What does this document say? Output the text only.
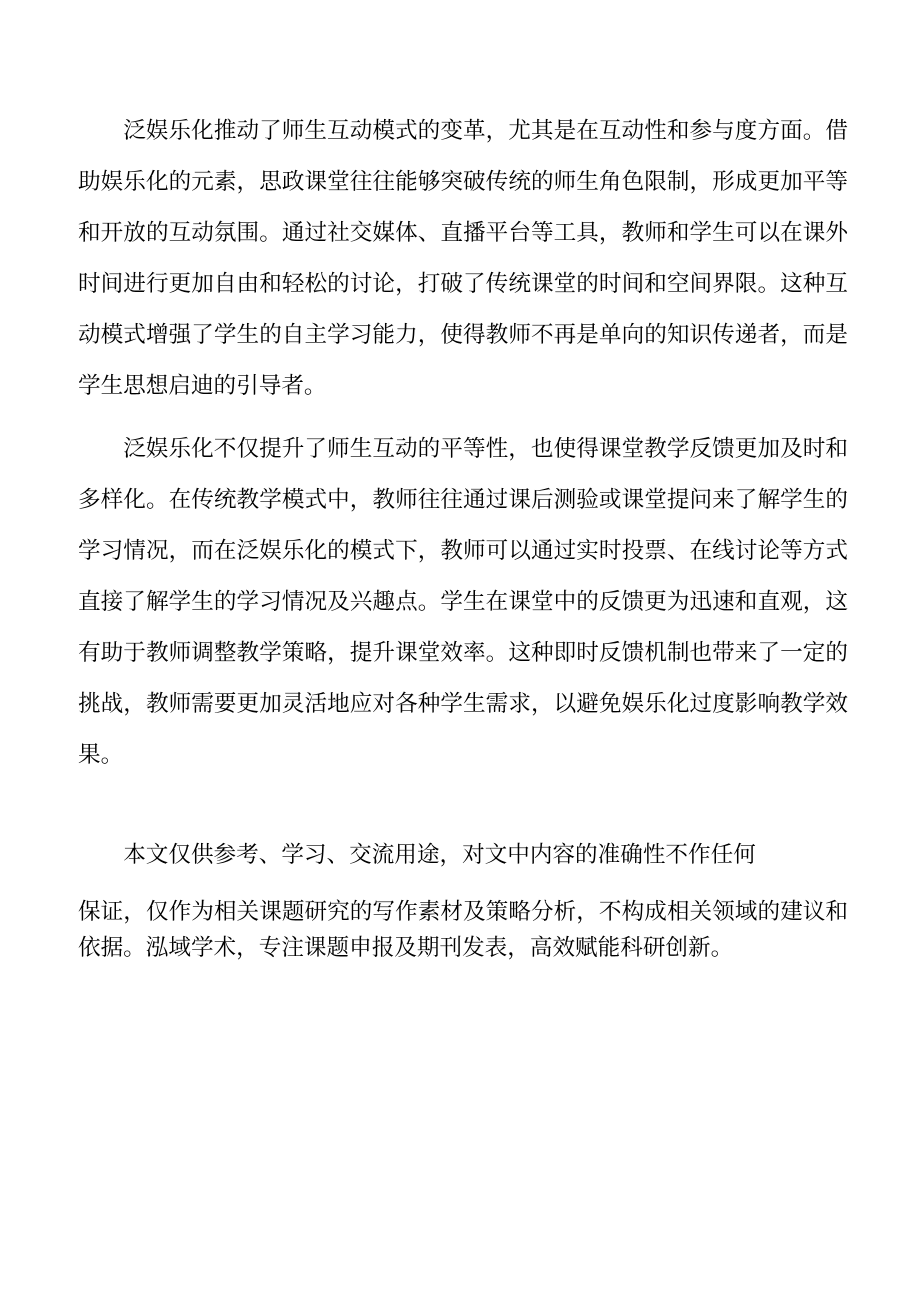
泛娱乐化推动了师生互动模式的变革，尤其是在互动性和参与度方面。借助娱乐化的元素，思政课堂往往能够突破传统的师生角色限制，形成更加平等和开放的互动氛围。通过社交媒体、直播平台等工具，教师和学生可以在课外时间进行更加自由和轻松的讨论，打破了传统课堂的时间和空间界限。这种互动模式增强了学生的自主学习能力，使得教师不再是单向的知识传递者，而是学生思想启迪的引导者。

泛娱乐化不仅提升了师生互动的平等性，也使得课堂教学反馈更加及时和多样化。在传统教学模式中，教师往往通过课后测验或课堂提问来了解学生的学习情况，而在泛娱乐化的模式下，教师可以通过实时投票、在线讨论等方式直接了解学生的学习情况及兴趣点。学生在课堂中的反馈更为迅速和直观，这有助于教师调整教学策略，提升课堂效率。这种即时反馈机制也带来了一定的挑战，教师需要更加灵活地应对各种学生需求，以避免娱乐化过度影响教学效果。

本文仅供参考、学习、交流用途，对文中内容的准确性不作任何

保证，仅作为相关课题研究的写作素材及策略分析，不构成相关领域的建议和依据。泓域学术，专注课题申报及期刊发表，高效赋能科研创新。
